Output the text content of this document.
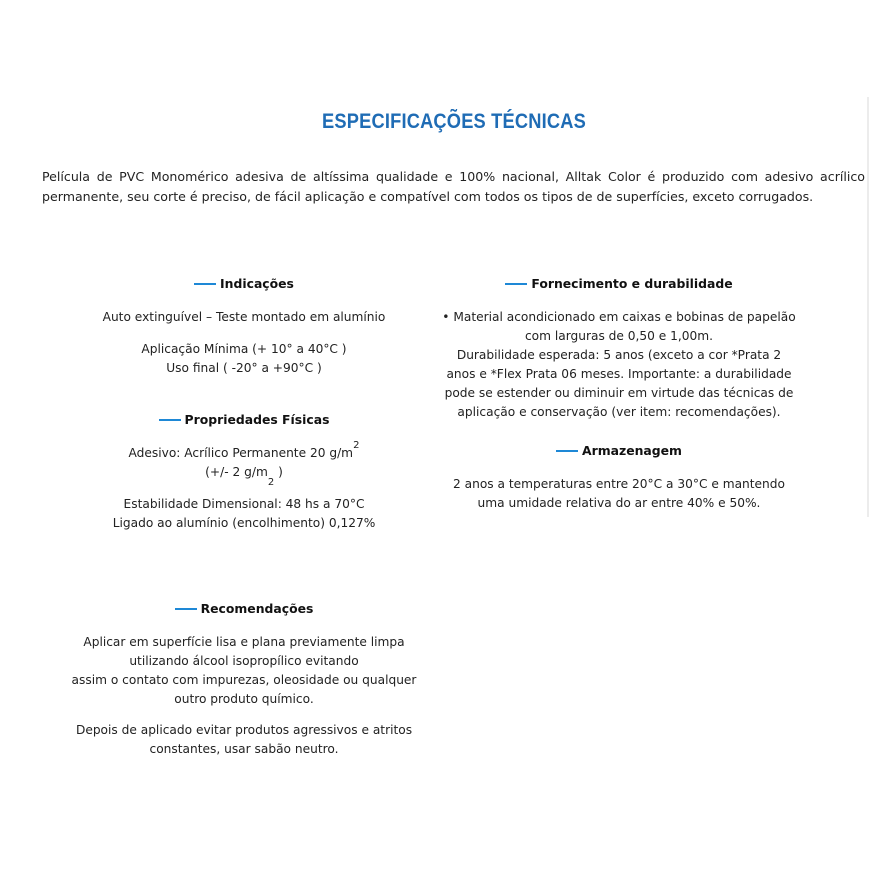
ESPECIFICAÇÕES TÉCNICAS
Película de PVC Monomérico adesiva de altíssima qualidade e 100% nacional, Alltak Color é produzido com adesivo acrílico permanente, seu corte é preciso, de fácil aplicação e compatível com todos os tipos de de superfícies, exceto corrugados.
Indicações

Auto extinguível – Teste montado em alumínio

Aplicação Mínima (+ 10° a 40°C )

Uso final ( -20° a +90°C )

Propriedades Físicas

Adesivo: Acrílico Permanente 20 $g/m^2$

(+/- 2 $g/m_2$ )

Estabilidade Dimensional: 48 hs a 70°C

Ligado ao alumínio (encolhimento) 0,127%

Recomendações

Aplicar em superfície lisa e plana previamente limpa

utilizando álcool isopropílico evitando

assim o contato com impurezas, oleosidade ou qualquer

outro produto químico.

Depois de aplicado evitar produtos agressivos e atritos

constantes, usar sabão neutro.

Fornecimento e durabilidade

• Material acondicionado em caixas e bobinas de papelão

com larguras de 0,50 e 1,00m.

Durabilidade esperada: 5 anos (exceto a cor *Prata 2

anos e *Flex Prata 06 meses. Importante: a durabilidade

pode se estender ou diminuir em virtude das técnicas de

aplicação e conservação (ver item: recomendações).

Armazenagem

2 anos a temperaturas entre 20°C a 30°C e mantendo

uma umidade relativa do ar entre 40% e 50%.
